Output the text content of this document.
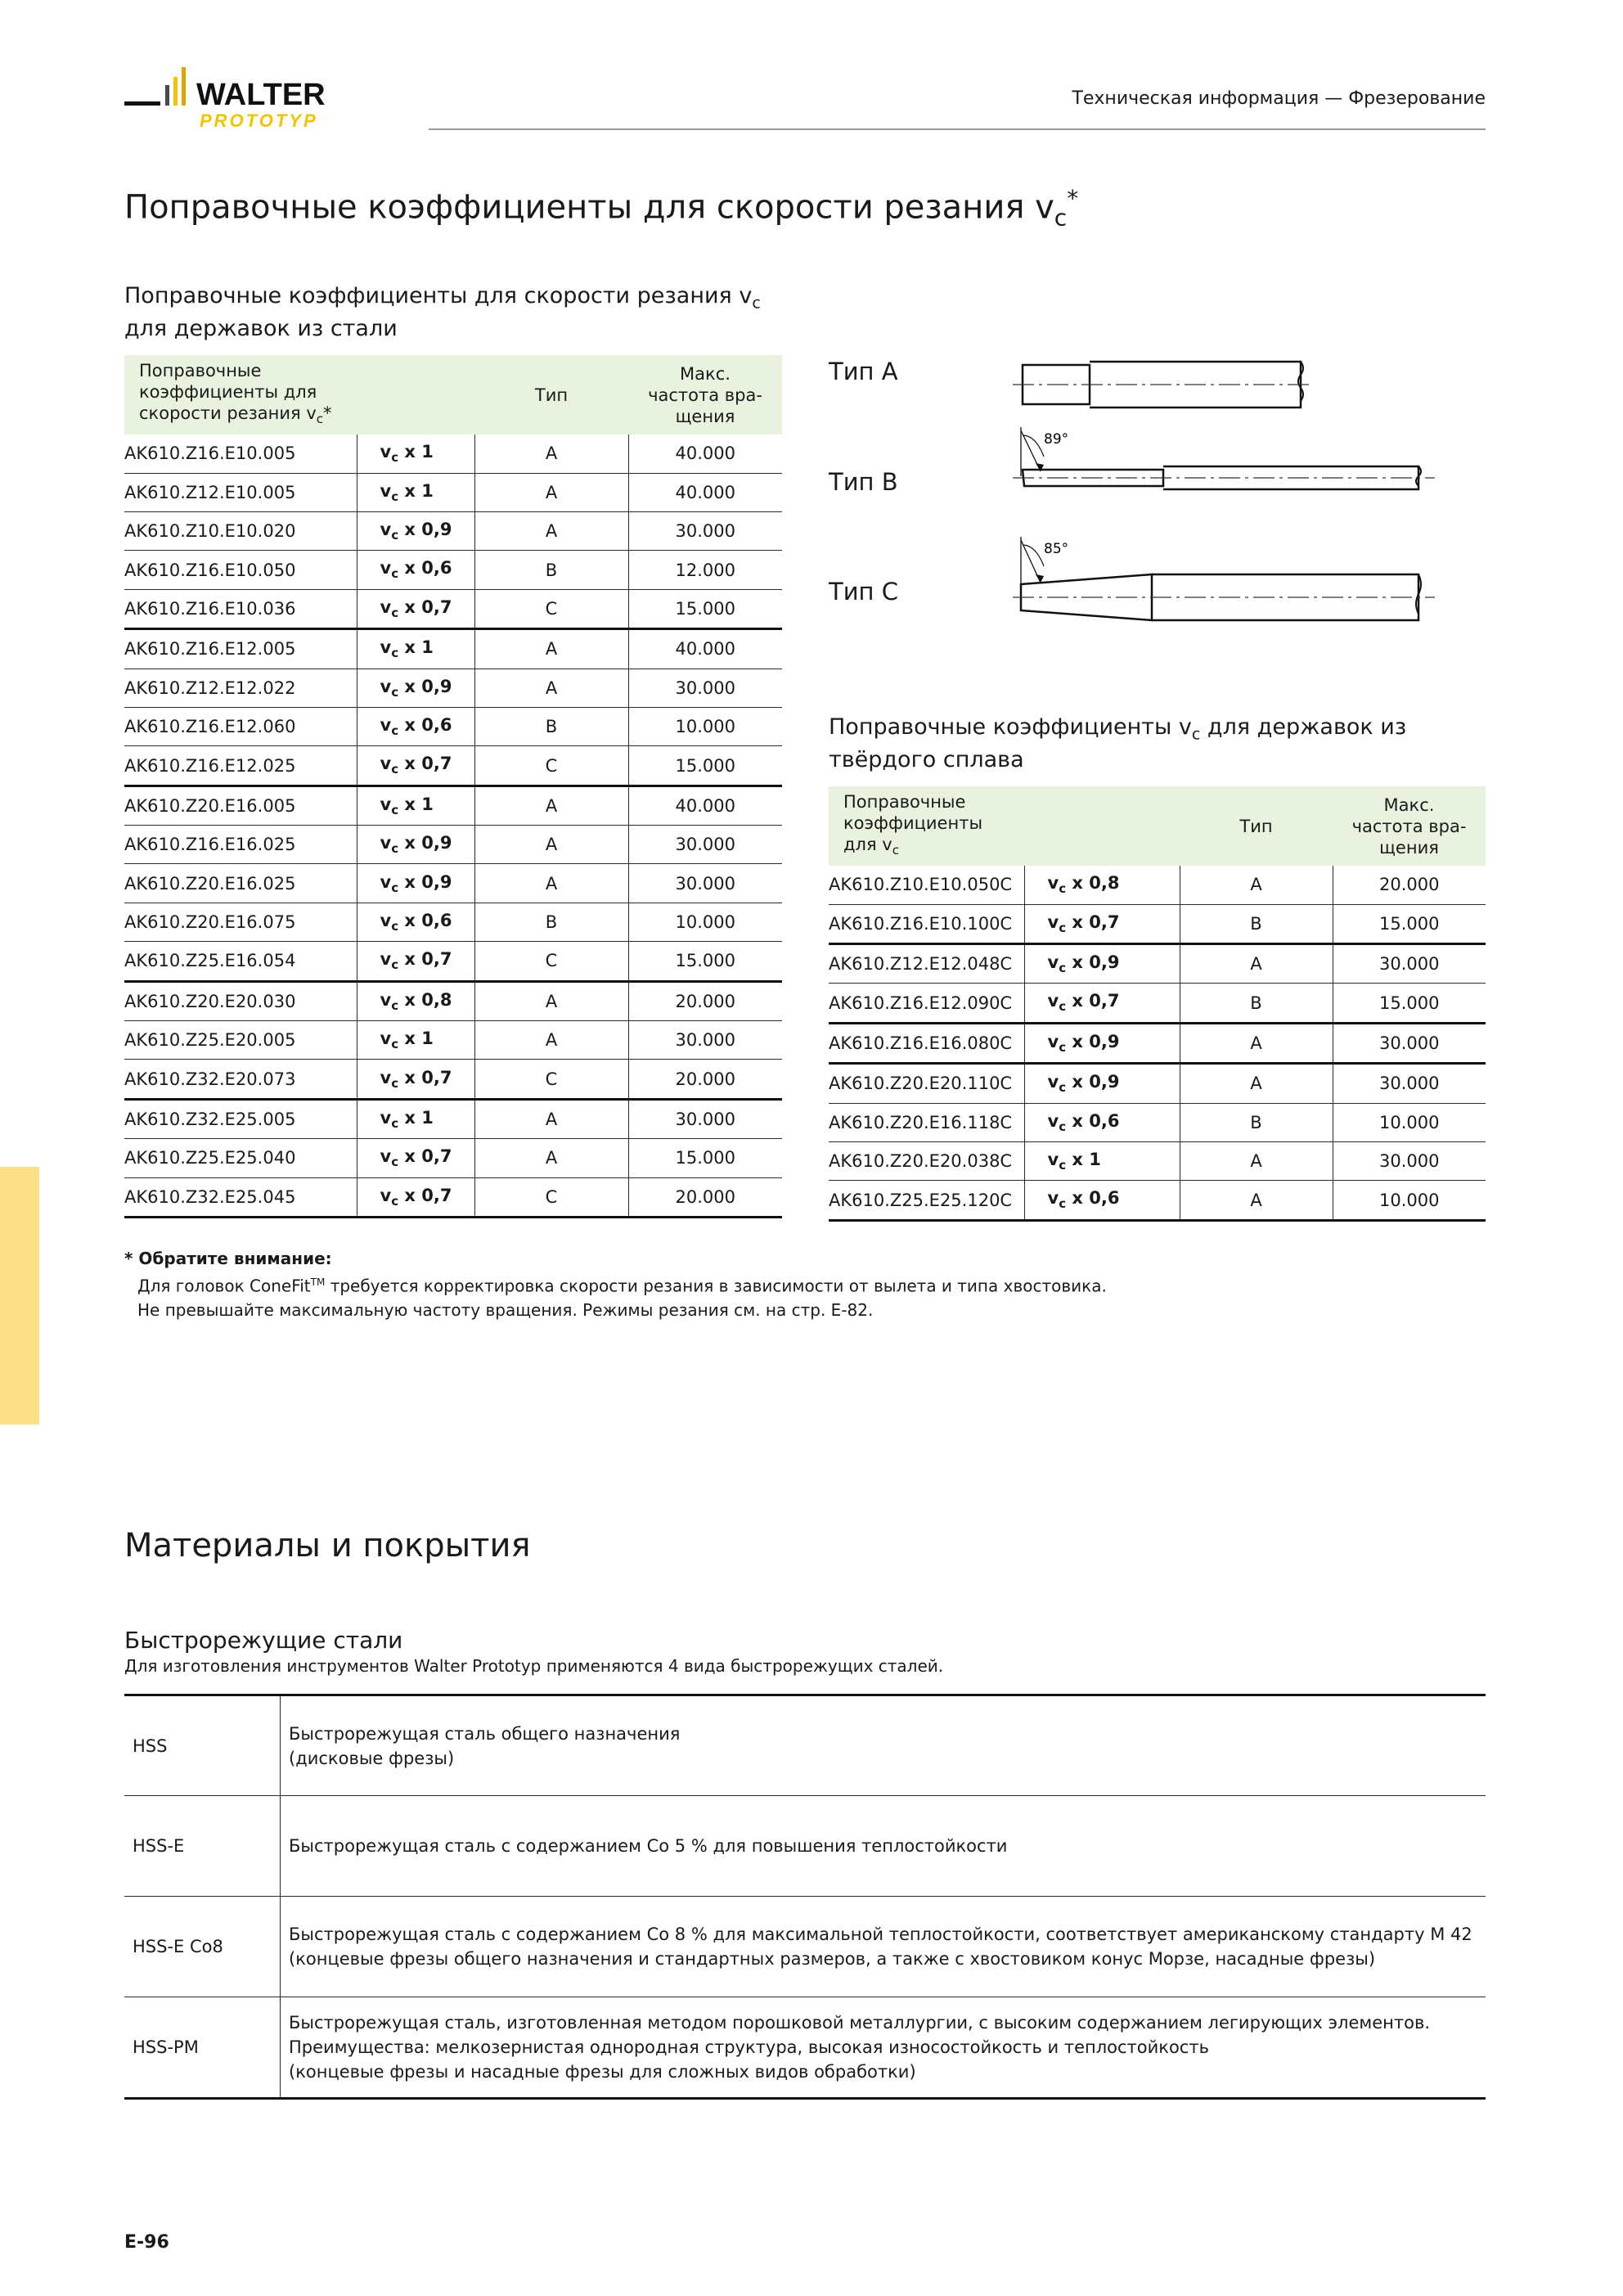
WALTER
PROTOTYP
Техническая информация — Фрезерование
Поправочные коэффициенты для скорости резания $v_c^*$
Поправочные коэффициенты для скорости резания $v_c$
для державок из стали
Поправочные
коэффициенты для
скорости резания $v_c*$		Тип	Макс.
частота вра-
щения
AK610.Z16.E10.005	$v_c$ x 1	A	40.000
AK610.Z12.E10.005	$v_c$ x 1	A	40.000
AK610.Z10.E10.020	$v_c$ x 0,9	A	30.000
AK610.Z16.E10.050	$v_c$ x 0,6	B	12.000
AK610.Z16.E10.036	$v_c$ x 0,7	C	15.000
AK610.Z16.E12.005	$v_c$ x 1	A	40.000
AK610.Z12.E12.022	$v_c$ x 0,9	A	30.000
AK610.Z16.E12.060	$v_c$ x 0,6	B	10.000
AK610.Z16.E12.025	$v_c$ x 0,7	C	15.000
AK610.Z20.E16.005	$v_c$ x 1	A	40.000
AK610.Z16.E16.025	$v_c$ x 0,9	A	30.000
AK610.Z20.E16.025	$v_c$ x 0,9	A	30.000
AK610.Z20.E16.075	$v_c$ x 0,6	B	10.000
AK610.Z25.E16.054	$v_c$ x 0,7	C	15.000
AK610.Z20.E20.030	$v_c$ x 0,8	A	20.000
AK610.Z25.E20.005	$v_c$ x 1	A	30.000
AK610.Z32.E20.073	$v_c$ x 0,7	C	20.000
AK610.Z32.E25.005	$v_c$ x 1	A	30.000
AK610.Z25.E25.040	$v_c$ x 0,7	A	15.000
AK610.Z32.E25.045	$v_c$ x 0,7	C	20.000
Тип A
Тип B
Тип C
89°
85°
Поправочные коэффициенты $v_c$ для державок из
твёрдого сплава
Поправочные
коэффициенты
для $v_c$		Тип	Макс.
частота вра-
щения
AK610.Z10.E10.050C	$v_c$ x 0,8	A	20.000
AK610.Z16.E10.100C	$v_c$ x 0,7	B	15.000
AK610.Z12.E12.048C	$v_c$ x 0,9	A	30.000
AK610.Z16.E12.090C	$v_c$ x 0,7	B	15.000
AK610.Z16.E16.080C	$v_c$ x 0,9	A	30.000
AK610.Z20.E20.110C	$v_c$ x 0,9	A	30.000
AK610.Z20.E16.118C	$v_c$ x 0,6	B	10.000
AK610.Z20.E20.038C	$v_c$ x 1	A	30.000
AK610.Z25.E25.120C	$v_c$ x 0,6	A	10.000
* Обратите внимание:
Для головок ConeFit™ требуется корректировка скорости резания в зависимости от вылета и типа хвостовика.
Не превышайте максимальную частоту вращения. Режимы резания см. на стр. E-82.
Материалы и покрытия
Быстрорежущие стали
Для изготовления инструментов Walter Prototyp применяются 4 вида быстрорежущих сталей.
HSS	Быстрорежущая сталь общего назначения
(дисковые фрезы)
HSS-E	Быстрорежущая сталь с содержанием Co 5 % для повышения теплостойкости
HSS-E Co8	Быстрорежущая сталь с содержанием Co 8 % для максимальной теплостойкости, соответствует американскому стандарту M 42
(концевые фрезы общего назначения и стандартных размеров, а также с хвостовиком конус Морзе, насадные фрезы)
HSS-PM	Быстрорежущая сталь, изготовленная методом порошковой металлургии, с высоким содержанием легирующих элементов.
Преимущества: мелкозернистая однородная структура, высокая износостойкость и теплостойкость
(концевые фрезы и насадные фрезы для сложных видов обработки)
E-96
